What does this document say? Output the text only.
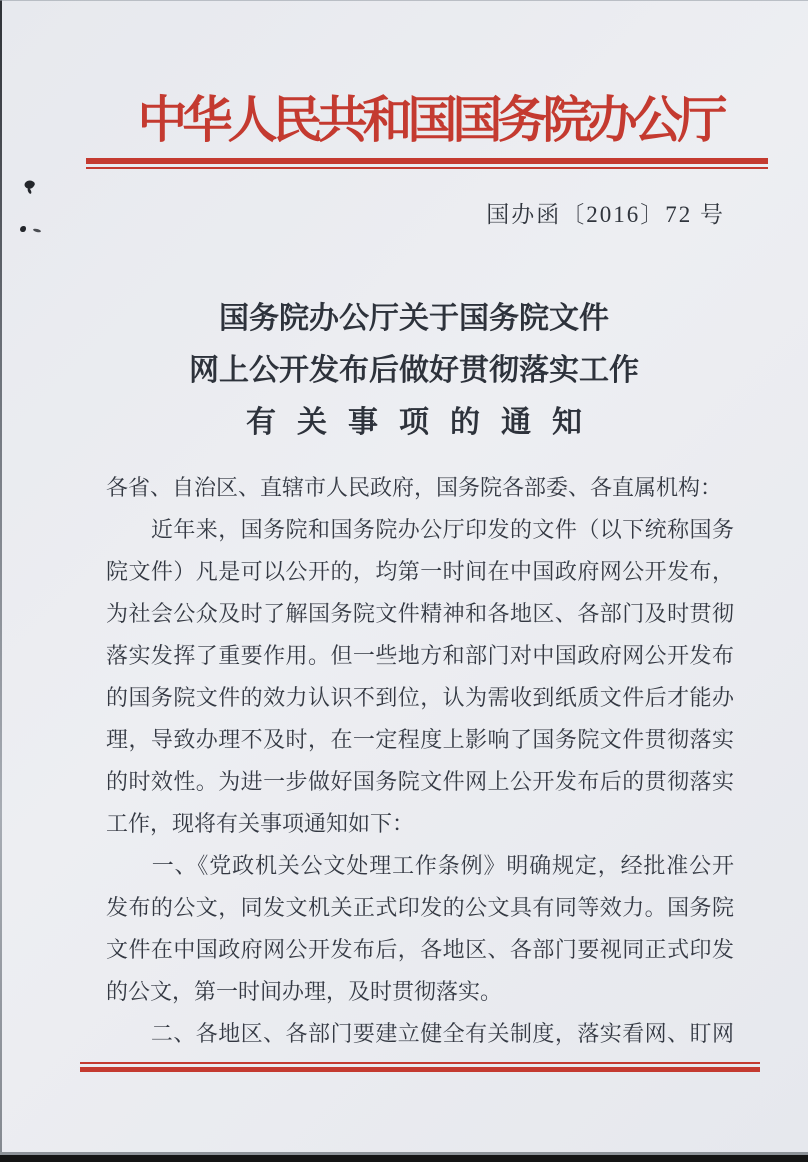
中华人民共和国国务院办公厅
国办函〔2016〕72 号
国务院办公厅关于国务院文件
网上公开发布后做好贯彻落实工作
有关事项的通知
各省、自治区、直辖市人民政府，国务院各部委、各直属机构：
　　近年来，国务院和国务院办公厅印发的文件（以下统称国务
院文件）凡是可以公开的，均第一时间在中国政府网公开发布，
为社会公众及时了解国务院文件精神和各地区、各部门及时贯彻
落实发挥了重要作用。但一些地方和部门对中国政府网公开发布
的国务院文件的效力认识不到位，认为需收到纸质文件后才能办
理，导致办理不及时，在一定程度上影响了国务院文件贯彻落实
的时效性。为进一步做好国务院文件网上公开发布后的贯彻落实
工作，现将有关事项通知如下：
　　一、《党政机关公文处理工作条例》明确规定，经批准公开
发布的公文，同发文机关正式印发的公文具有同等效力。国务院
文件在中国政府网公开发布后，各地区、各部门要视同正式印发
的公文，第一时间办理，及时贯彻落实。
　　二、各地区、各部门要建立健全有关制度，落实看网、盯网
